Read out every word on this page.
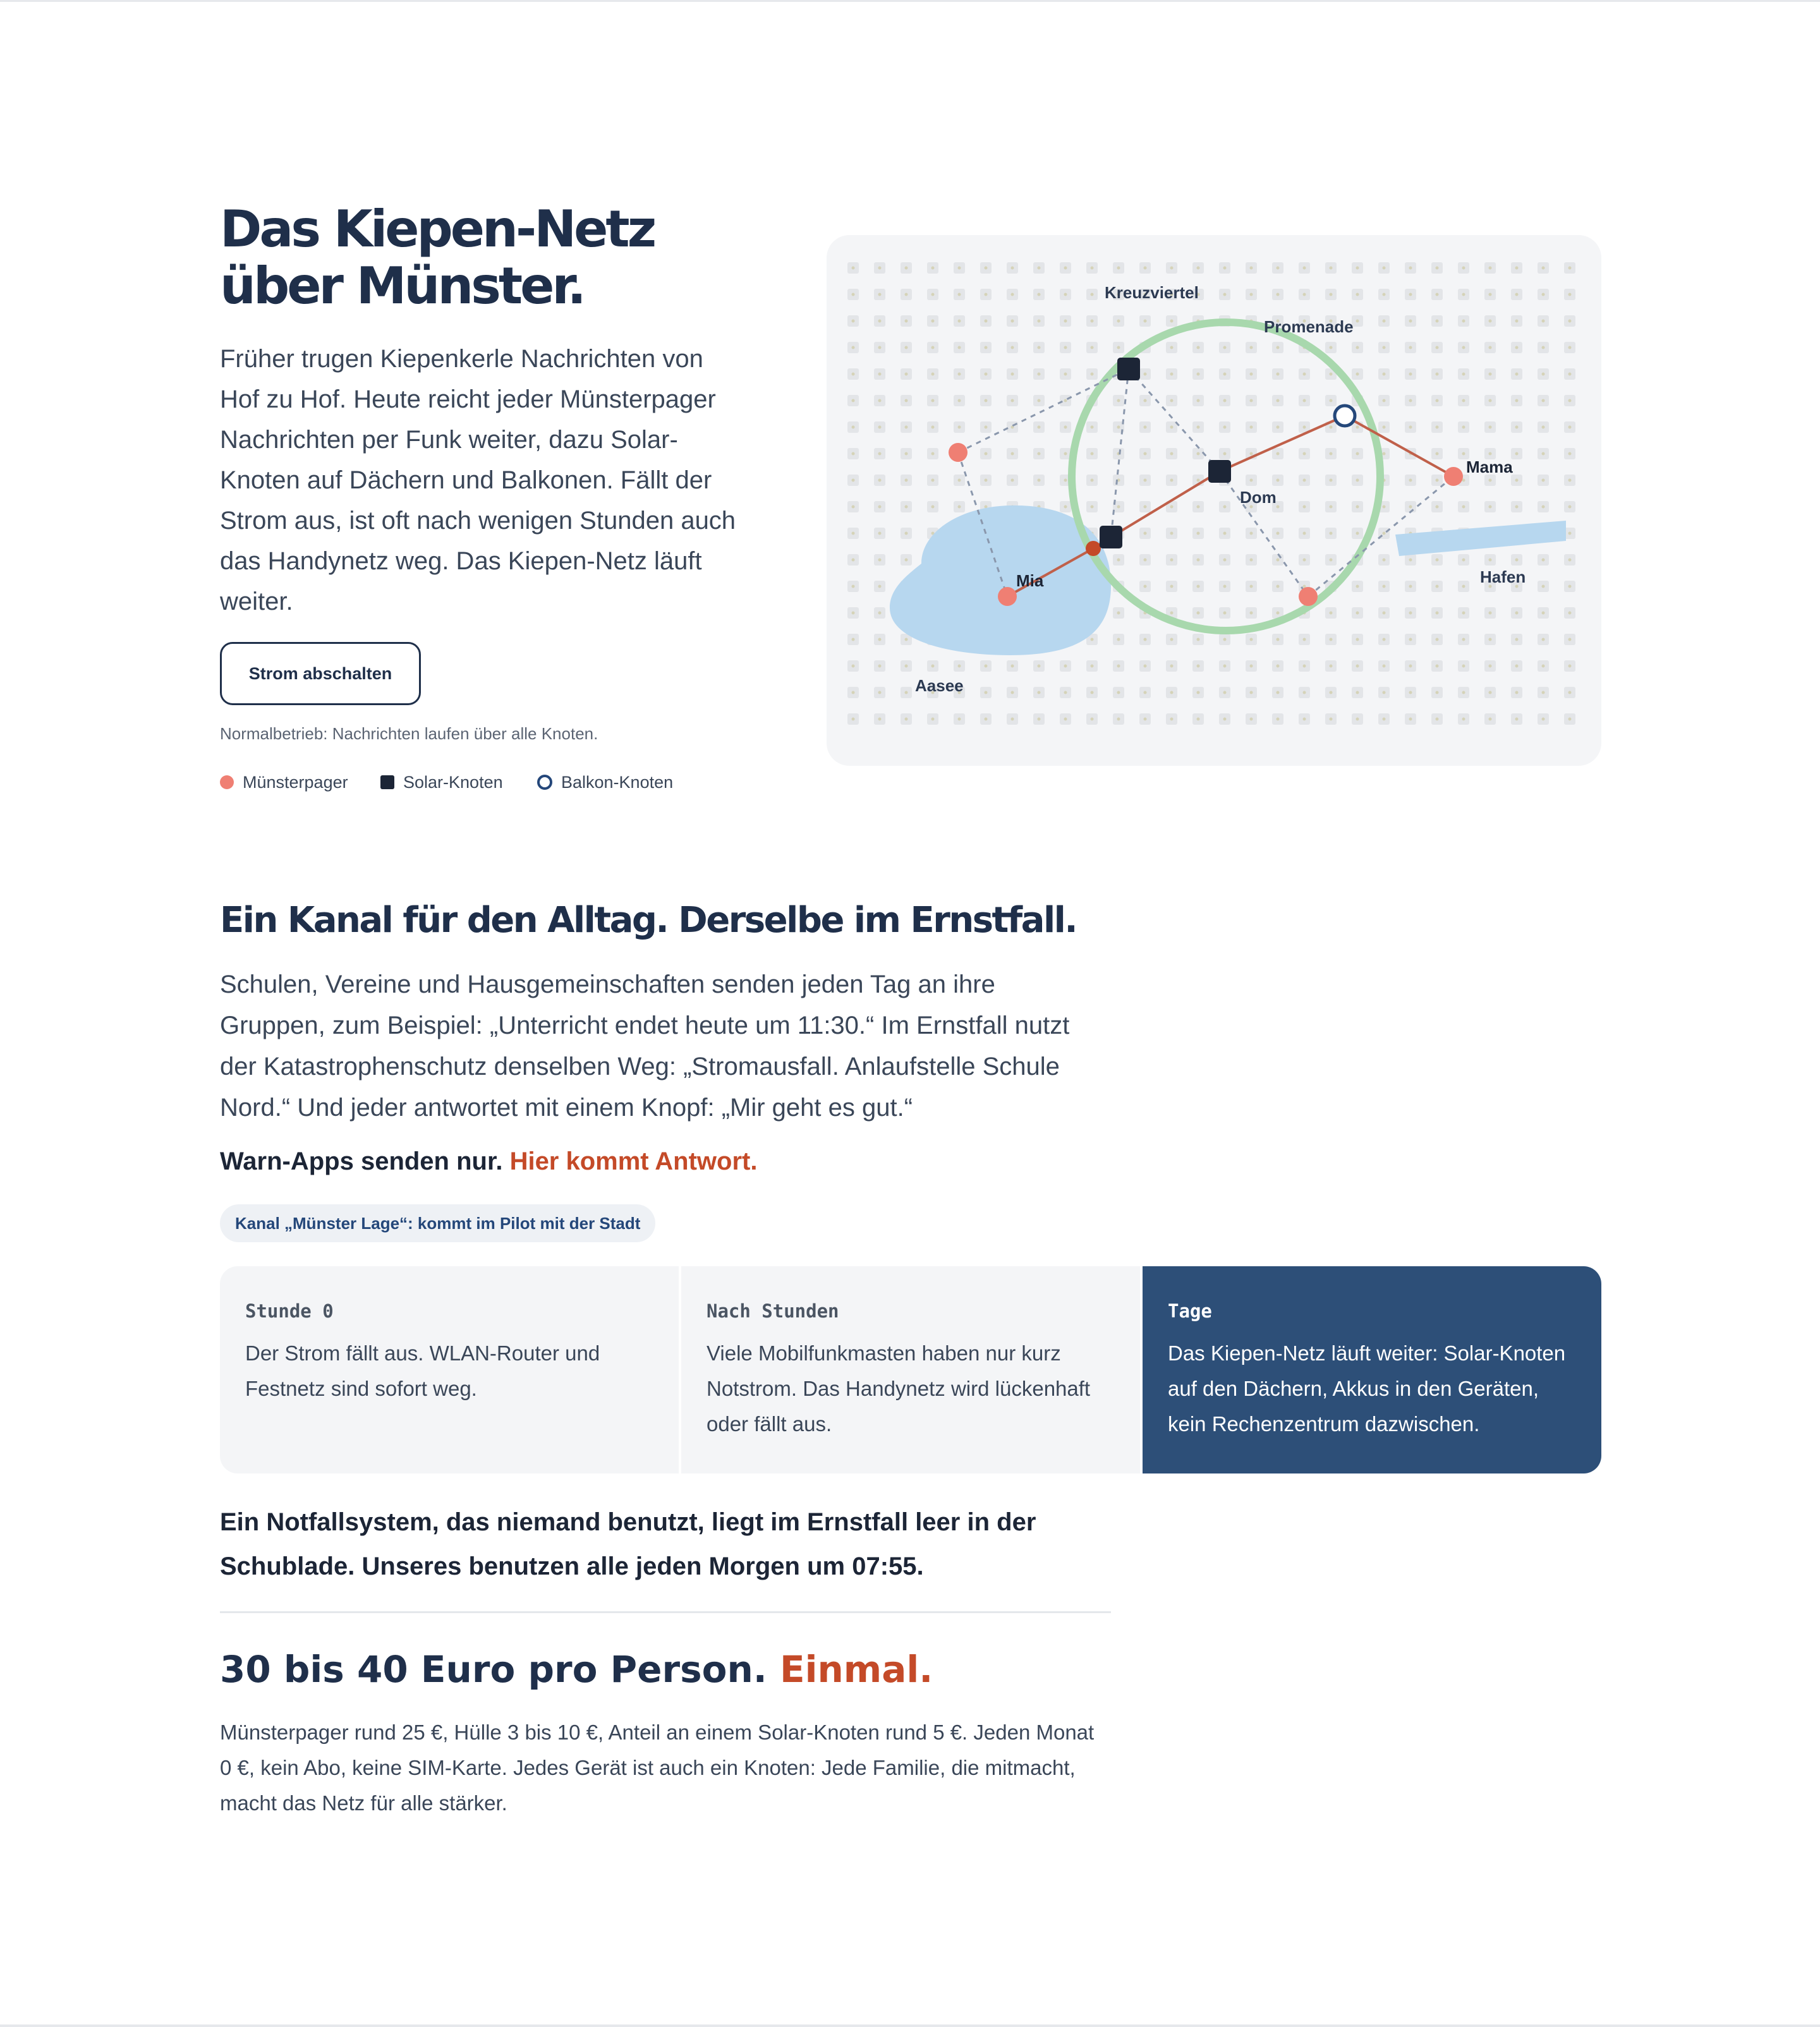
Das Kiepen-Netz
über Münster.

Früher trugen Kiepenkerle Nachrichten von Hof zu Hof. Heute reicht jeder Münsterpager Nachrichten per Funk weiter, dazu Solar-Knoten auf Dächern und Balkonen. Fällt der Strom aus, ist oft nach wenigen Stunden auch das Handynetz weg. Das Kiepen-Netz läuft weiter.

Strom abschalten

Normalbetrieb: Nachrichten laufen über alle Knoten.

Münsterpager	Solar-Knoten	Balkon-Knoten
Kreuzviertel
Promenade
Mama
Dom
Hafen
Mia
Aasee
Ein Kanal für den Alltag. Derselbe im Ernstfall.

Schulen, Vereine und Hausgemeinschaften senden jeden Tag an ihre Gruppen, zum Beispiel: „Unterricht endet heute um 11:30.“ Im Ernstfall nutzt der Katastrophenschutz denselben Weg: „Stromausfall. Anlaufstelle Schule Nord.“ Und jeder antwortet mit einem Knopf: „Mir geht es gut.“

Warn-Apps senden nur. Hier kommt Antwort.

Kanal „Münster Lage“: kommt im Pilot mit der Stadt

Stunde 0

Der Strom fällt aus. WLAN-Router und Festnetz sind sofort weg.

Nach Stunden

Viele Mobilfunkmasten haben nur kurz Notstrom. Das Handynetz wird lückenhaft oder fällt aus.

Tage

Das Kiepen-Netz läuft weiter: Solar-Knoten auf den Dächern, Akkus in den Geräten, kein Rechenzentrum dazwischen.

Ein Notfallsystem, das niemand benutzt, liegt im Ernstfall leer in der Schublade. Unseres benutzen alle jeden Morgen um 07:55.

30 bis 40 Euro pro Person. Einmal.

Münsterpager rund 25 €, Hülle 3 bis 10 €, Anteil an einem Solar-Knoten rund 5 €. Jeden Monat 0 €, kein Abo, keine SIM-Karte. Jedes Gerät ist auch ein Knoten: Jede Familie, die mitmacht, macht das Netz für alle stärker.
